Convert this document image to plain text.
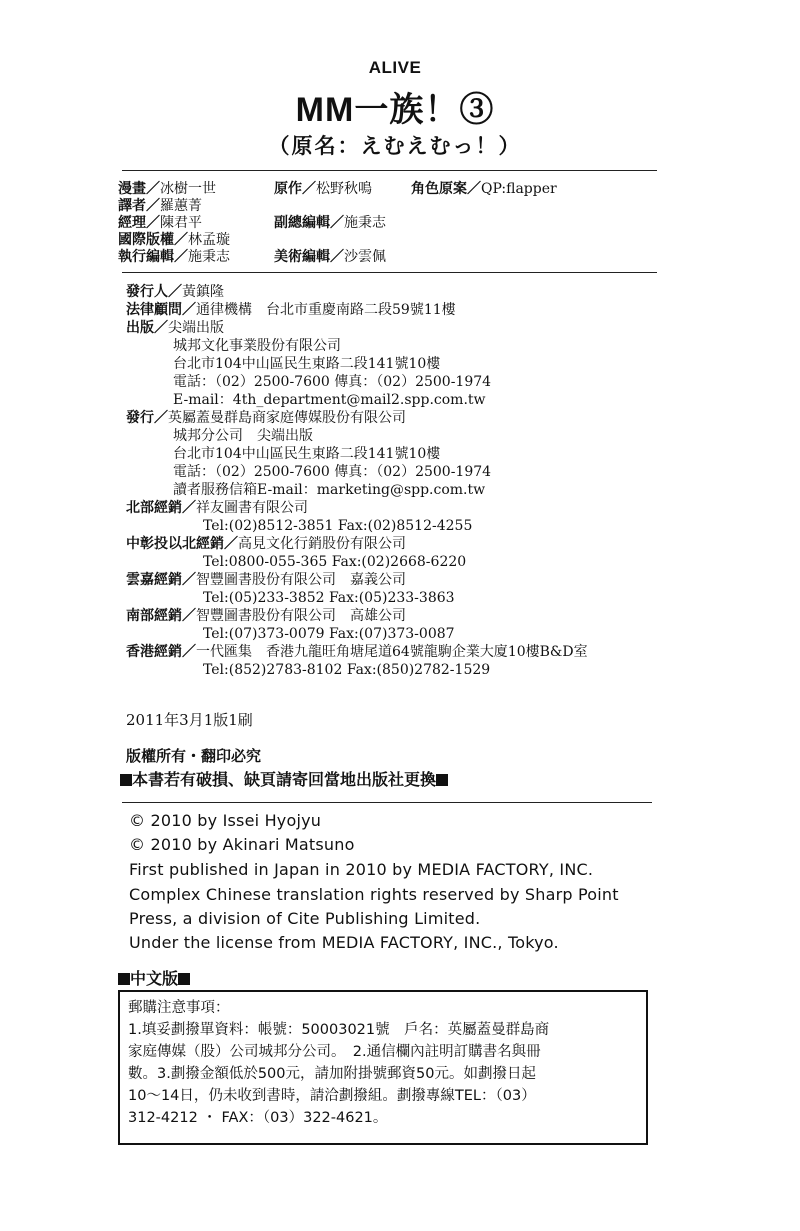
ALIVE
MM一族！③
（原名：えむえむっ！）
漫畫／冰樹一世	原作／松野秋鳴	角色原案／QP:flapper
譯者／羅蕙菁
經理／陳君平	副總編輯／施秉志
國際版權／林孟璇
執行編輯／施秉志	美術編輯／沙雲佩
發行人／黃鎮隆
法律顧問／通律機構　台北市重慶南路二段59號11樓
出版／尖端出版
城邦文化事業股份有限公司
台北市104中山區民生東路二段141號10樓
電話：（02）2500-7600 傳真：（02）2500-1974
E-mail：4th_department@mail2.spp.com.tw
發行／英屬蓋曼群島商家庭傳媒股份有限公司
城邦分公司　尖端出版
台北市104中山區民生東路二段141號10樓
電話：（02）2500-7600 傳真：（02）2500-1974
讀者服務信箱E-mail：marketing@spp.com.tw
北部經銷／祥友圖書有限公司
Tel:(02)8512-3851 Fax:(02)8512-4255
中彰投以北經銷／高見文化行銷股份有限公司
Tel:0800-055-365 Fax:(02)2668-6220
雲嘉經銷／智豐圖書股份有限公司　嘉義公司
Tel:(05)233-3852 Fax:(05)233-3863
南部經銷／智豐圖書股份有限公司　高雄公司
Tel:(07)373-0079 Fax:(07)373-0087
香港經銷／一代匯集　香港九龍旺角塘尾道64號龍駒企業大廈10樓B&D室
Tel:(852)2783-8102 Fax:(850)2782-1529
2011年3月1版1刷
版權所有・翻印必究
本書若有破損、缺頁請寄回當地出版社更換
© 2010 by Issei Hyojyu
© 2010 by Akinari Matsuno
First published in Japan in 2010 by MEDIA FACTORY, INC.
Complex Chinese translation rights reserved by Sharp Point
Press, a division of Cite Publishing Limited.
Under the license from MEDIA FACTORY, INC., Tokyo.
中文版
郵購注意事項：
1.填妥劃撥單資料：帳號：50003021號　戶名：英屬蓋曼群島商
家庭傳媒（股）公司城邦分公司。　2.通信欄內註明訂購書名與冊
數。3.劃撥金額低於500元，請加附掛號郵資50元。如劃撥日起
10～14日，仍未收到書時，請洽劃撥組。劃撥專線TEL：（03）
312-4212 ・ FAX：（03）322-4621。
